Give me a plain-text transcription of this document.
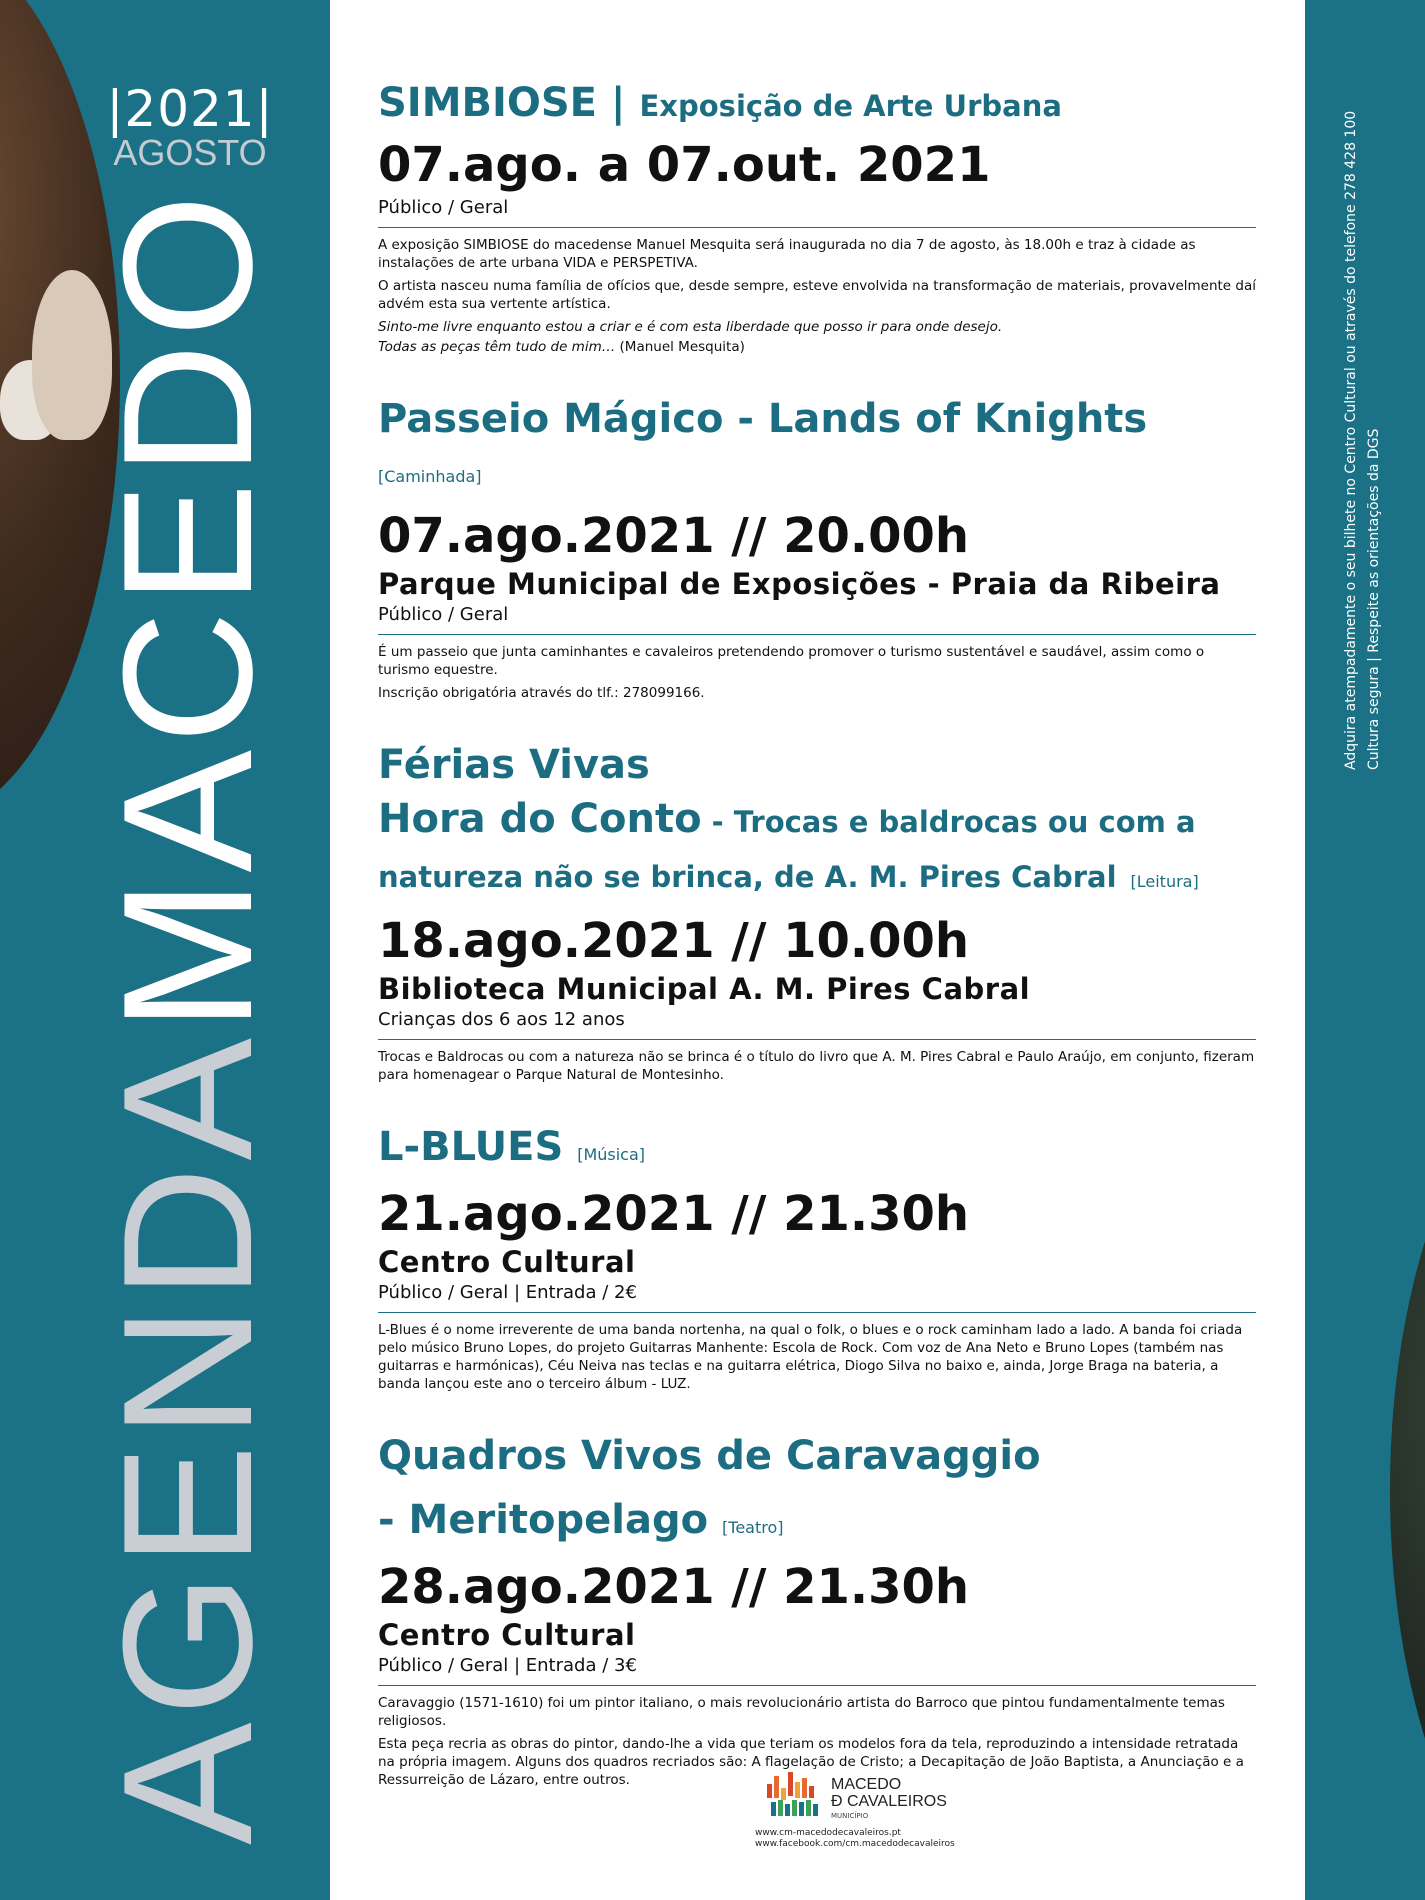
|2021|
AGOSTO
AGENDAMACEDO	Adquira atempadamente o seu bilhete no Centro Cultural ou através do telefone 278 428 100 Cultura segura | Respeite as orientações da DGS
SIMBIOSE | Exposição de Arte Urbana
07.ago. a 07.out. 2021
Público / Geral

A exposição SIMBIOSE do macedense Manuel Mesquita será inaugurada no dia 7 de agosto, às 18.00h e traz à cidade as instalações de arte urbana VIDA e PERSPETIVA.

O artista nasceu numa família de ofícios que, desde sempre, esteve envolvida na transformação de materiais, provavelmente daí advém esta sua vertente artística.

Sinto-me livre enquanto estou a criar e é com esta liberdade que posso ir para onde desejo.

Todas as peças têm tudo de mim… (Manuel Mesquita)

Passeio Mágico - Lands of Knights [Caminhada]
07.ago.2021 // 20.00h
Parque Municipal de Exposições - Praia da Ribeira
Público / Geral

É um passeio que junta caminhantes e cavaleiros pretendendo promover o turismo sustentável e saudável, assim como o turismo equestre.

Inscrição obrigatória através do tlf.: 278099166.

Férias Vivas
Hora do Conto - Trocas e baldrocas ou com a
natureza não se brinca, de A. M. Pires Cabral [Leitura]
18.ago.2021 // 10.00h
Biblioteca Municipal A. M. Pires Cabral
Crianças dos 6 aos 12 anos

Trocas e Baldrocas ou com a natureza não se brinca é o título do livro que A. M. Pires Cabral e Paulo Araújo, em conjunto, fizeram para homenagear o Parque Natural de Montesinho.

L-BLUES [Música]
21.ago.2021 // 21.30h
Centro Cultural
Público / Geral | Entrada / 2€

L-Blues é o nome irreverente de uma banda nortenha, na qual o folk, o blues e o rock caminham lado a lado. A banda foi criada pelo músico Bruno Lopes, do projeto Guitarras Manhente: Escola de Rock. Com voz de Ana Neto e Bruno Lopes (também nas guitarras e harmónicas), Céu Neiva nas teclas e na guitarra elétrica, Diogo Silva no baixo e, ainda, Jorge Braga na bateria, a banda lançou este ano o terceiro álbum - LUZ.

Quadros Vivos de Caravaggio
- Meritopelago [Teatro]
28.ago.2021 // 21.30h
Centro Cultural
Público / Geral | Entrada / 3€

Caravaggio (1571-1610) foi um pintor italiano, o mais revolucionário artista do Barroco que pintou fundamentalmente temas religiosos.

Esta peça recria as obras do pintor, dando-lhe a vida que teriam os modelos fora da tela, reproduzindo a intensidade retratada na própria imagem. Alguns dos quadros recriados são: A flagelação de Cristo; a Decapitação de João Baptista, a Anunciação e a Ressurreição de Lázaro, entre outros.	MACEDO
Đ CAVALEIROS
MUNICÍPIO
www.cm-macedodecavaleiros.pt
www.facebook.com/cm.macedodecavaleiros
